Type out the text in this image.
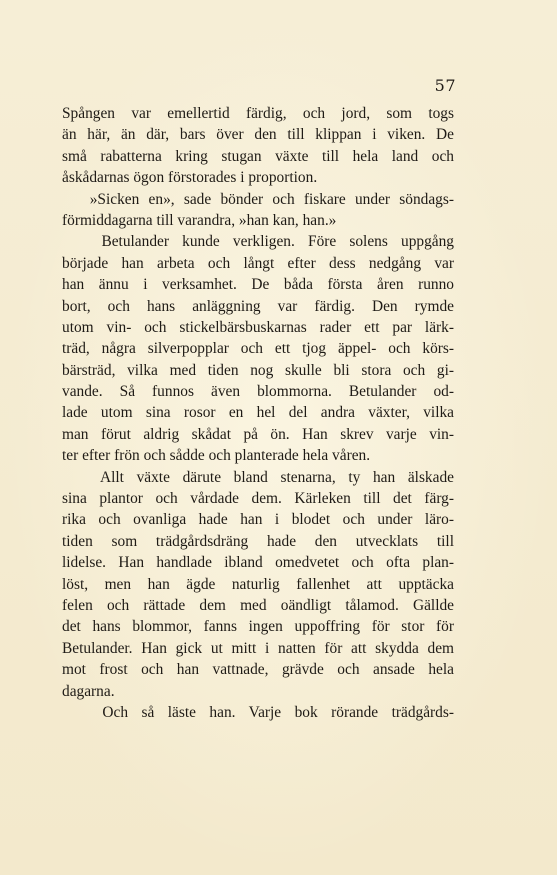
57
Spången var emellertid färdig, och jord, som togs
än här, än där, bars över den till klippan i viken. De
små rabatterna kring stugan växte till hela land och
åskådarnas ögon förstorades i proportion.
»Sicken en», sade bönder och fiskare under söndags-
förmiddagarna till varandra, »han kan, han.»
Betulander kunde verkligen. Före solens uppgång
började han arbeta och långt efter dess nedgång var
han ännu i verksamhet. De båda första åren runno
bort, och hans anläggning var färdig. Den rymde
utom vin- och stickelbärsbuskarnas rader ett par lärk-
träd, några silverpopplar och ett tjog äppel- och körs-
bärsträd, vilka med tiden nog skulle bli stora och gi-
vande. Så funnos även blommorna. Betulander od-
lade utom sina rosor en hel del andra växter, vilka
man förut aldrig skådat på ön. Han skrev varje vin-
ter efter frön och sådde och planterade hela våren.
Allt växte därute bland stenarna, ty han älskade
sina plantor och vårdade dem. Kärleken till det färg-
rika och ovanliga hade han i blodet och under läro-
tiden som trädgårdsdräng hade den utvecklats till
lidelse. Han handlade ibland omedvetet och ofta plan-
löst, men han ägde naturlig fallenhet att upptäcka
felen och rättade dem med oändligt tålamod. Gällde
det hans blommor, fanns ingen uppoffring för stor för
Betulander. Han gick ut mitt i natten för att skydda dem
mot frost och han vattnade, grävde och ansade hela
dagarna.
Och så läste han. Varje bok rörande trädgårds-
